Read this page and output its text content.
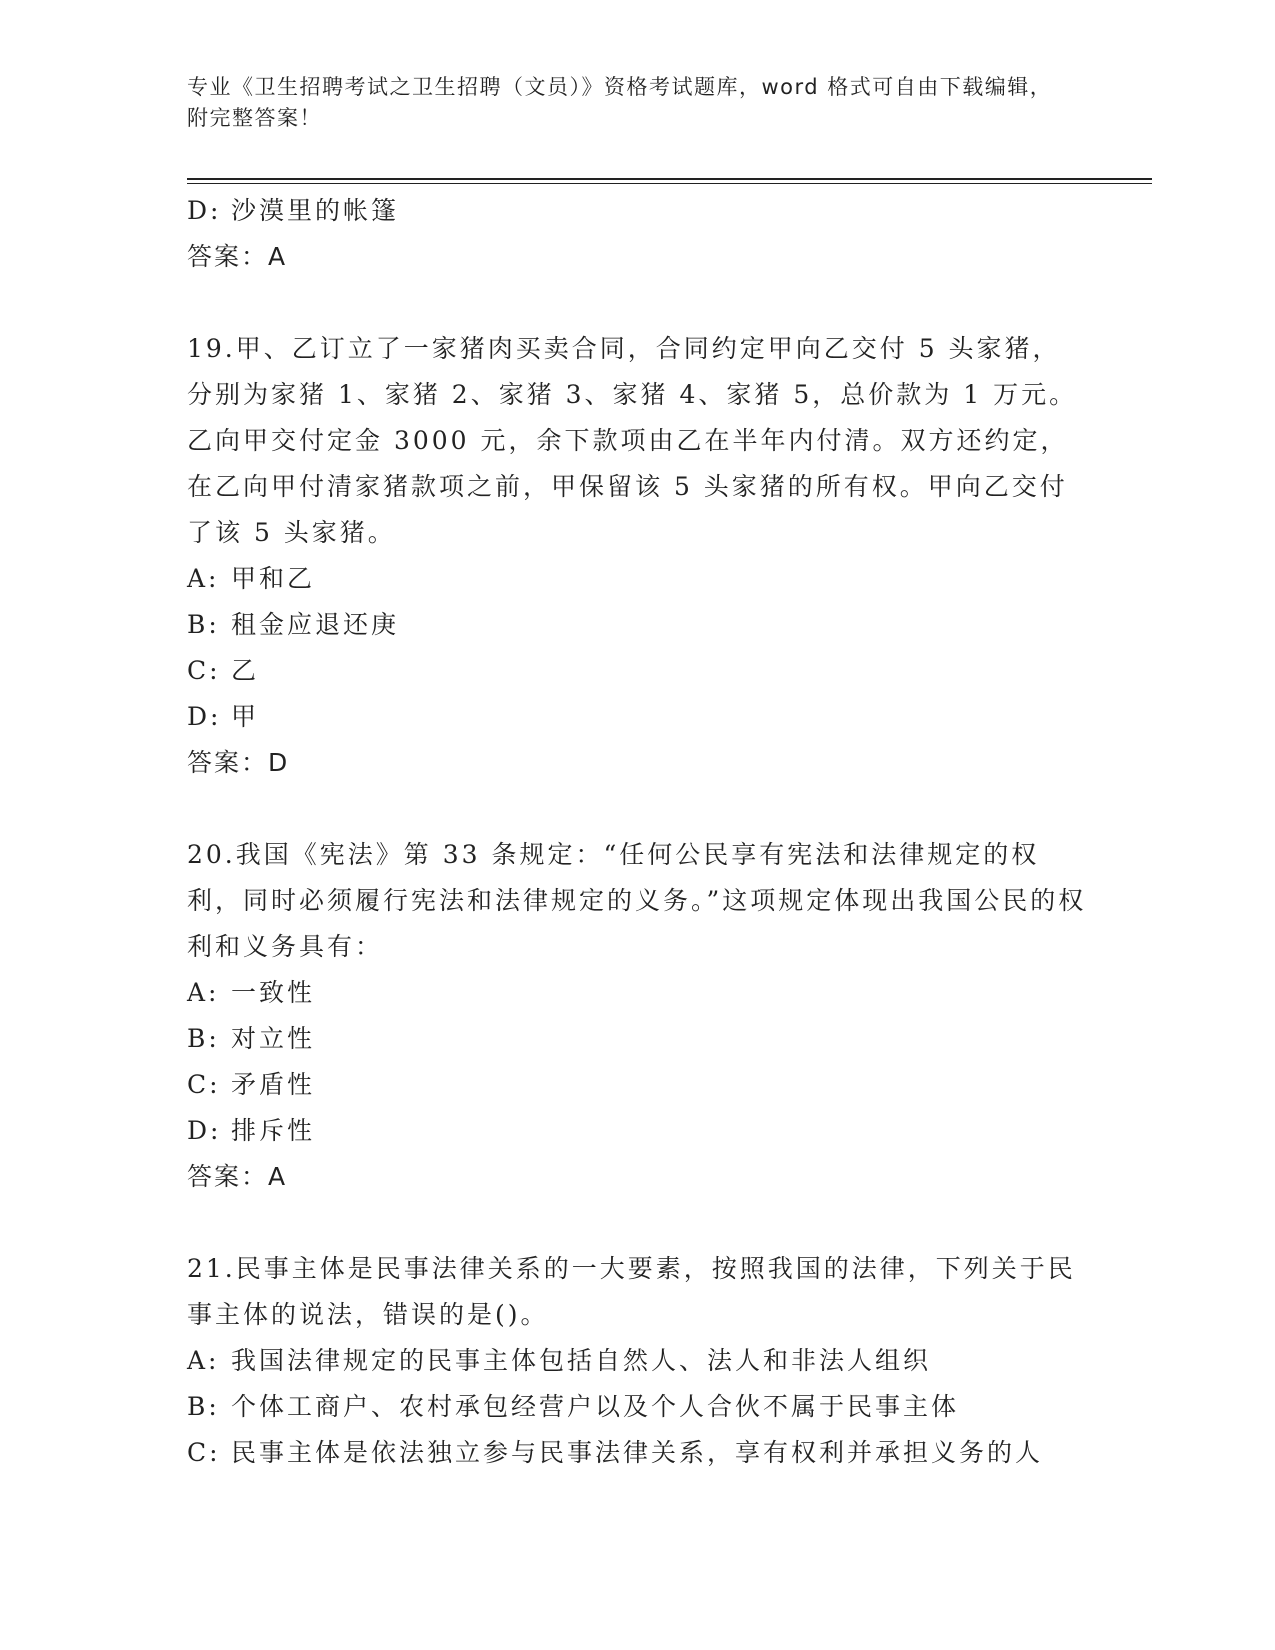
专业《卫生招聘考试之卫生招聘（文员）》资格考试题库，word 格式可自由下载编辑，附完整答案！
D: 沙漠里的帐篷
答案：A
19.甲、乙订立了一家猪肉买卖合同，合同约定甲向乙交付 5 头家猪，分别为家猪 1、家猪 2、家猪 3、家猪 4、家猪 5，总价款为 1 万元。乙向甲交付定金 3000 元，余下款项由乙在半年内付清。双方还约定，在乙向甲付清家猪款项之前，甲保留该 5 头家猪的所有权。甲向乙交付了该 5 头家猪。
A: 甲和乙
B: 租金应退还庚
C: 乙
D: 甲
答案：D
20.我国《宪法》第 33 条规定：“任何公民享有宪法和法律规定的权利，同时必须履行宪法和法律规定的义务。”这项规定体现出我国公民的权利和义务具有：
A: 一致性
B: 对立性
C: 矛盾性
D: 排斥性
答案：A
21.民事主体是民事法律关系的一大要素，按照我国的法律，下列关于民事主体的说法，错误的是()。
A: 我国法律规定的民事主体包括自然人、法人和非法人组织
B: 个体工商户、农村承包经营户以及个人合伙不属于民事主体
C: 民事主体是依法独立参与民事法律关系，享有权利并承担义务的人
